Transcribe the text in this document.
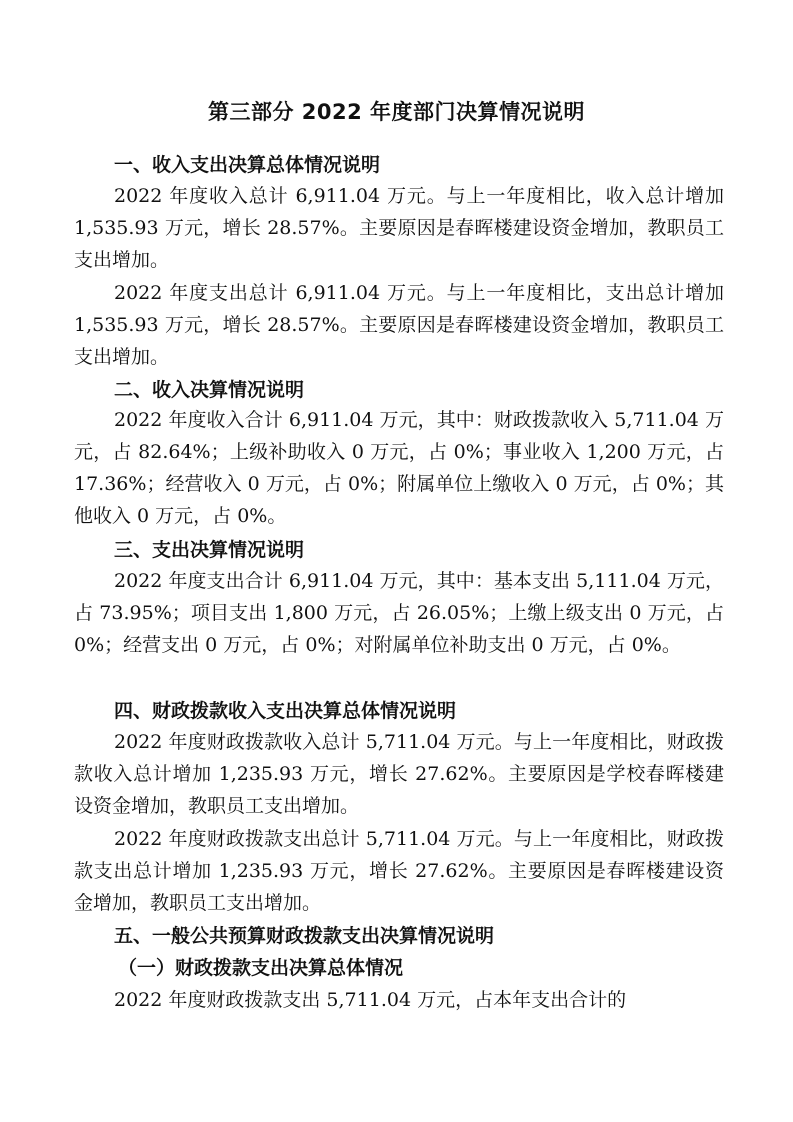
第三部分 2022 年度部门决算情况说明
一、收入支出决算总体情况说明
2022 年度收入总计 6,911.04 万元。与上一年度相比，收入总计增加 1,535.93 万元，增长 28.57%。主要原因是春晖楼建设资金增加，教职员工支出增加。
2022 年度支出总计 6,911.04 万元。与上一年度相比，支出总计增加 1,535.93 万元，增长 28.57%。主要原因是春晖楼建设资金增加，教职员工支出增加。
二、收入决算情况说明
2022 年度收入合计 6,911.04 万元，其中：财政拨款收入 5,711.04 万元，占 82.64%；上级补助收入 0 万元，占 0%；事业收入 1,200 万元，占 17.36%；经营收入 0 万元，占 0%；附属单位上缴收入 0 万元，占 0%；其他收入 0 万元，占 0%。
三、支出决算情况说明
2022 年度支出合计 6,911.04 万元，其中：基本支出 5,111.04 万元，占 73.95%；项目支出 1,800 万元，占 26.05%；上缴上级支出 0 万元，占 0%；经营支出 0 万元，占 0%；对附属单位补助支出 0 万元，占 0%。
四、财政拨款收入支出决算总体情况说明
2022 年度财政拨款收入总计 5,711.04 万元。与上一年度相比，财政拨款收入总计增加 1,235.93 万元，增长 27.62%。主要原因是学校春晖楼建设资金增加，教职员工支出增加。
2022 年度财政拨款支出总计 5,711.04 万元。与上一年度相比，财政拨款支出总计增加 1,235.93 万元，增长 27.62%。主要原因是春晖楼建设资金增加，教职员工支出增加。
五、一般公共预算财政拨款支出决算情况说明
（一）财政拨款支出决算总体情况
2022 年度财政拨款支出 5,711.04 万元，占本年支出合计的
